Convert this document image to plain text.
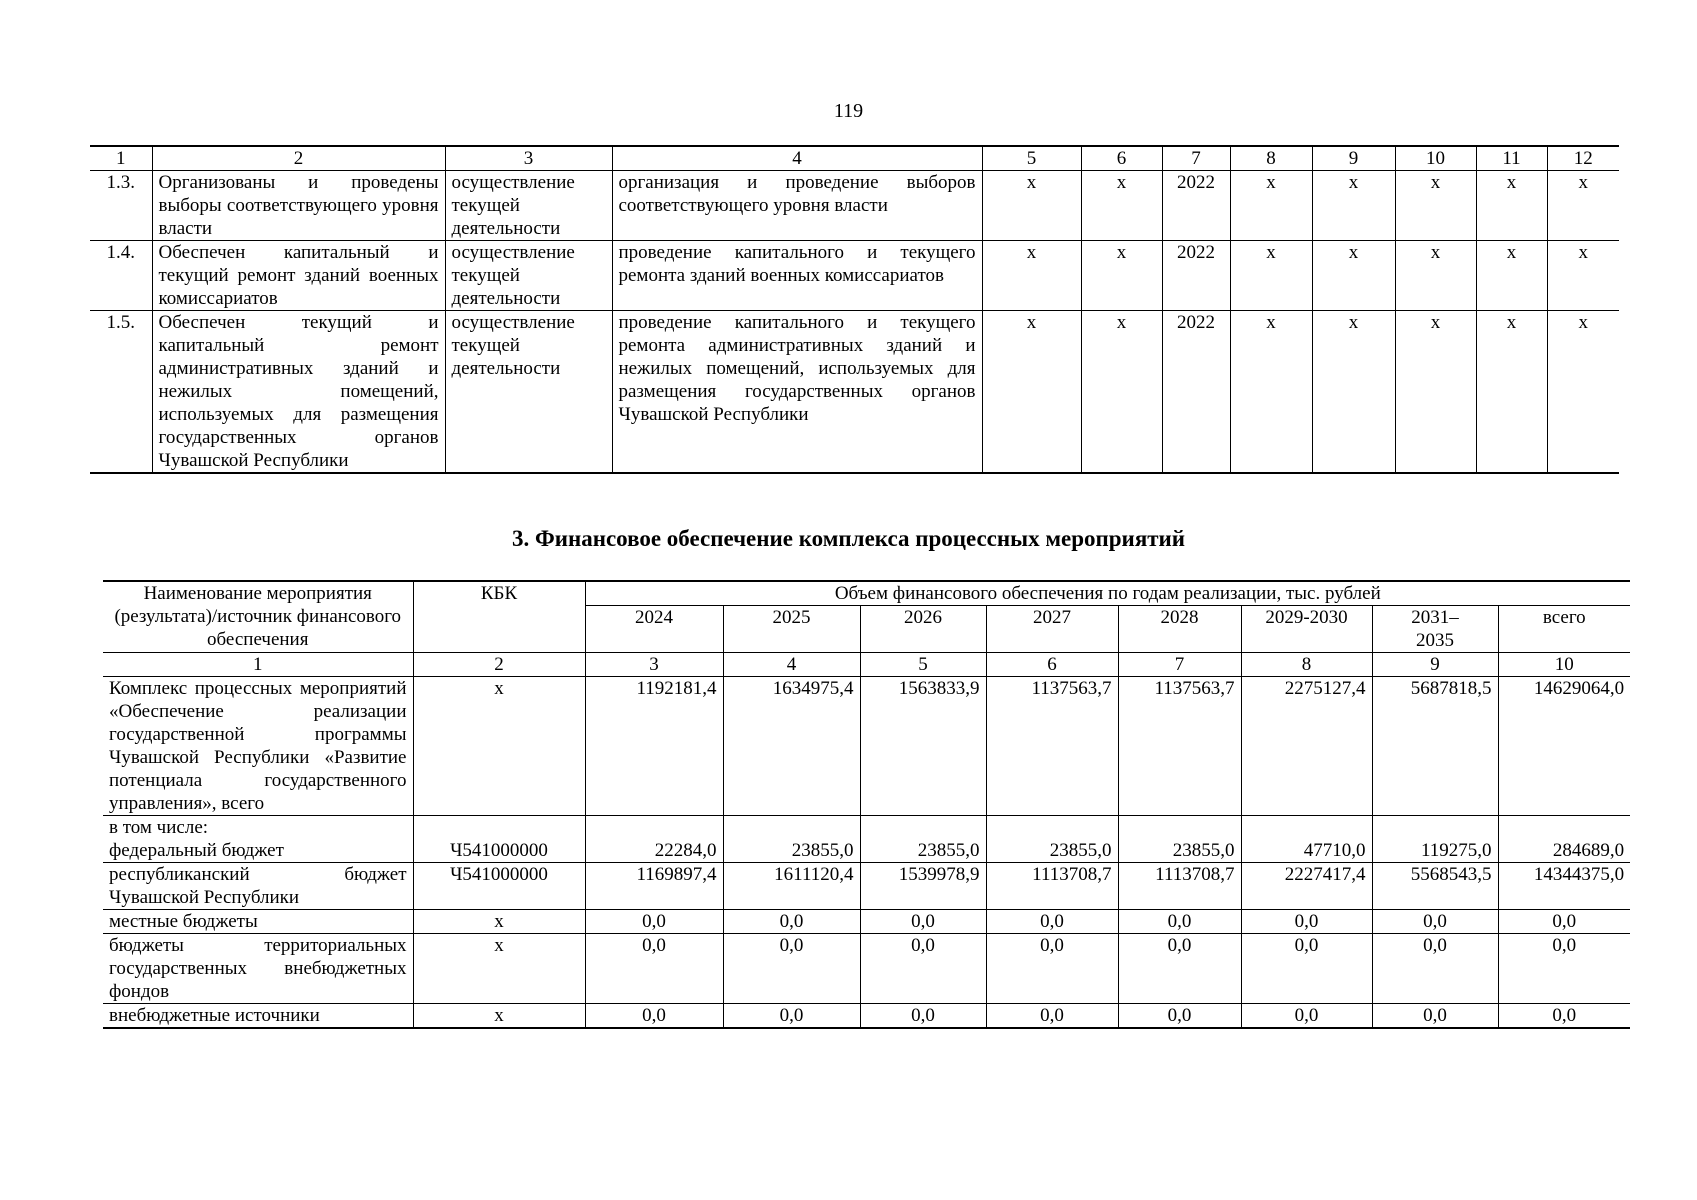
119
1	2	3	4	5	6	7	8	9	10	11	12
1.3.	Организованы и проведены выборы соответствующего уровня власти	осуществление текущей деятельности	организация и проведение выборов соответствующего уровня власти	x	x	2022	x	x	x	x	x
1.4.	Обеспечен капитальный и текущий ремонт зданий военных комиссариатов	осуществление текущей деятельности	проведение капитального и текущего ремонта зданий военных комиссариатов	x	x	2022	x	x	x	x	x
1.5.	Обеспечен текущий и капитальный ремонт административных зданий и нежилых помещений, используемых для размещения государственных органов Чувашской Республики	осуществление текущей деятельности	проведение капитального и текущего ремонта административных зданий и нежилых помещений, используемых для размещения государственных органов Чувашской Республики	x	x	2022	x	x	x	x	x
3. Финансовое обеспечение комплекса процессных мероприятий
Наименование мероприятия (результата)/источник финансового обеспечения	КБК	Объем финансового обеспечения по годам реализации, тыс. рублей							
		2024	2025	2026	2027	2028	2029-2030	2031–2035	всего
1	2	3	4	5	6	7	8	9	10
Комплекс процессных мероприятий «Обеспечение реализации государственной программы Чувашской Республики «Развитие потенциала государственного управления», всего	x	1192181,4	1634975,4	1563833,9	1137563,7	1137563,7	2275127,4	5687818,5	14629064,0
в том числе:									
федеральный бюджет	Ч541000000	22284,0	23855,0	23855,0	23855,0	23855,0	47710,0	119275,0	284689,0
республиканский бюджет Чувашской Республики	Ч541000000	1169897,4	1611120,4	1539978,9	1113708,7	1113708,7	2227417,4	5568543,5	14344375,0
местные бюджеты	x	0,0	0,0	0,0	0,0	0,0	0,0	0,0	0,0
бюджеты территориальных государственных внебюджетных фондов	x	0,0	0,0	0,0	0,0	0,0	0,0	0,0	0,0
внебюджетные источники	x	0,0	0,0	0,0	0,0	0,0	0,0	0,0	0,0
